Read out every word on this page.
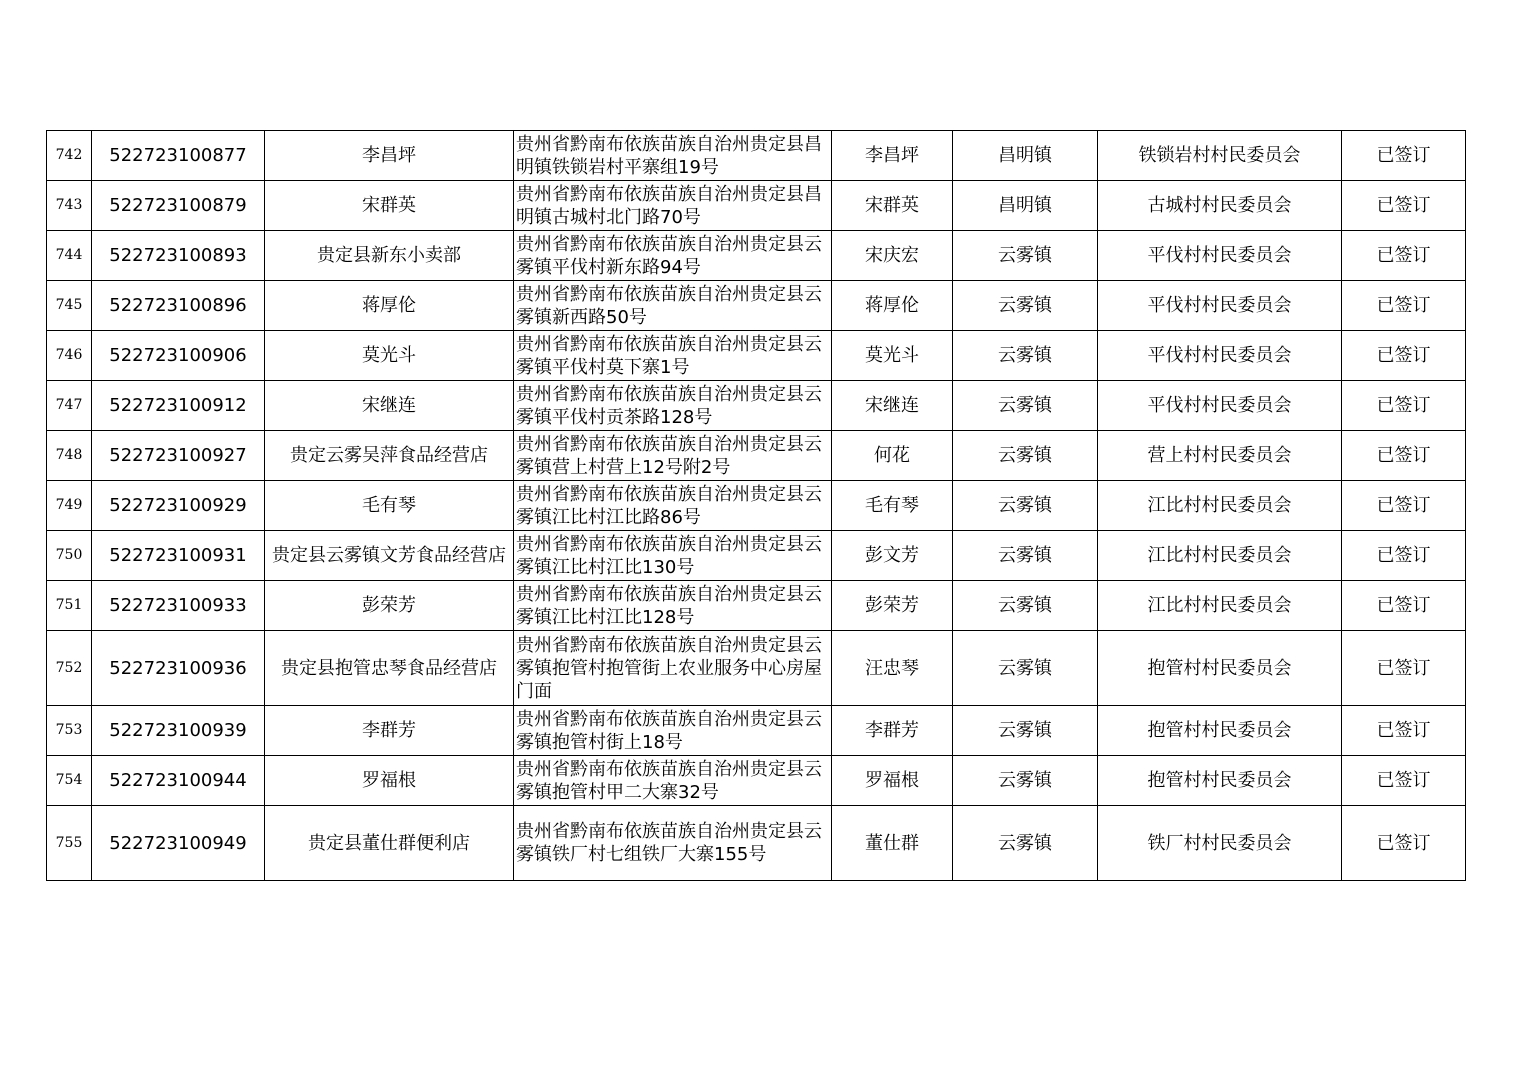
742	522723100877	李昌坪	贵州省黔南布依族苗族自治州贵定县昌明镇铁锁岩村平寨组19号	李昌坪	昌明镇	铁锁岩村村民委员会	已签订
743	522723100879	宋群英	贵州省黔南布依族苗族自治州贵定县昌明镇古城村北门路70号	宋群英	昌明镇	古城村村民委员会	已签订
744	522723100893	贵定县新东小卖部	贵州省黔南布依族苗族自治州贵定县云雾镇平伐村新东路94号	宋庆宏	云雾镇	平伐村村民委员会	已签订
745	522723100896	蒋厚伦	贵州省黔南布依族苗族自治州贵定县云雾镇新西路50号	蒋厚伦	云雾镇	平伐村村民委员会	已签订
746	522723100906	莫光斗	贵州省黔南布依族苗族自治州贵定县云雾镇平伐村莫下寨1号	莫光斗	云雾镇	平伐村村民委员会	已签订
747	522723100912	宋继连	贵州省黔南布依族苗族自治州贵定县云雾镇平伐村贡茶路128号	宋继连	云雾镇	平伐村村民委员会	已签订
748	522723100927	贵定云雾吴萍食品经营店	贵州省黔南布依族苗族自治州贵定县云雾镇营上村营上12号附2号	何花	云雾镇	营上村村民委员会	已签订
749	522723100929	毛有琴	贵州省黔南布依族苗族自治州贵定县云雾镇江比村江比路86号	毛有琴	云雾镇	江比村村民委员会	已签订
750	522723100931	贵定县云雾镇文芳食品经营店	贵州省黔南布依族苗族自治州贵定县云雾镇江比村江比130号	彭文芳	云雾镇	江比村村民委员会	已签订
751	522723100933	彭荣芳	贵州省黔南布依族苗族自治州贵定县云雾镇江比村江比128号	彭荣芳	云雾镇	江比村村民委员会	已签订
752	522723100936	贵定县抱管忠琴食品经营店	贵州省黔南布依族苗族自治州贵定县云雾镇抱管村抱管街上农业服务中心房屋门面	汪忠琴	云雾镇	抱管村村民委员会	已签订
753	522723100939	李群芳	贵州省黔南布依族苗族自治州贵定县云雾镇抱管村街上18号	李群芳	云雾镇	抱管村村民委员会	已签订
754	522723100944	罗福根	贵州省黔南布依族苗族自治州贵定县云雾镇抱管村甲二大寨32号	罗福根	云雾镇	抱管村村民委员会	已签订
755	522723100949	贵定县董仕群便利店	贵州省黔南布依族苗族自治州贵定县云雾镇铁厂村七组铁厂大寨155号	董仕群	云雾镇	铁厂村村民委员会	已签订
